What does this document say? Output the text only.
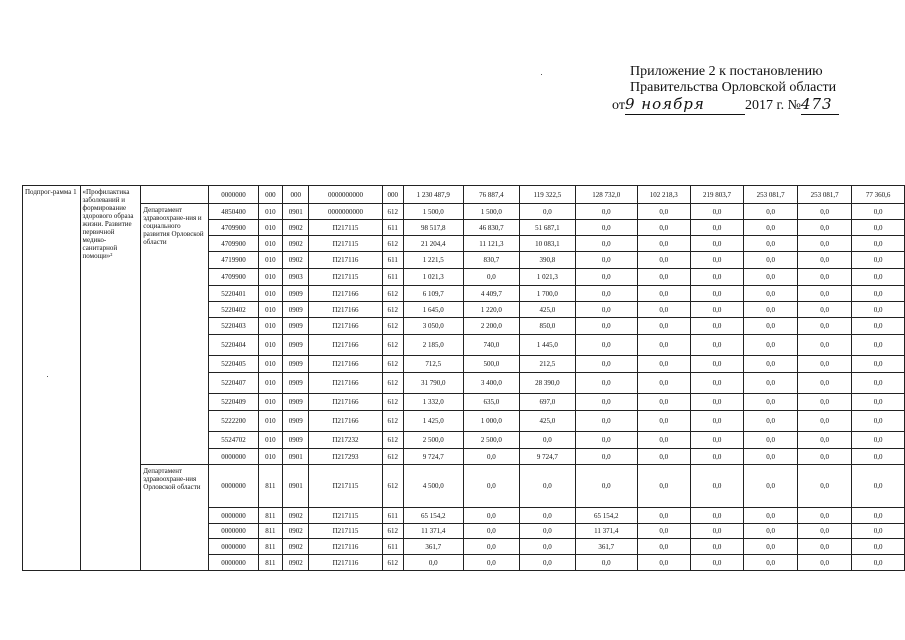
Приложение 2 к постановлению
Правительства Орловской области
от9 ноября	2017 г. №473
Подпрог-рамма 1	«Профилактика заболеваний и формирование здорового образа жизни. Развитие первичной медико-санитарной помощи»²		0000000	000	000	0000000000	000	1 230 487,9	76 887,4	119 322,5	128 732,0	102 218,3	219 803,7	253 081,7	253 081,7	77 360,6
		Департамент здравоохране-ния и социального развития Орловской области	4850400	010	0901	0000000000	612	1 500,0	1 500,0	0,0	0,0	0,0	0,0	0,0	0,0	0,0
			4709900	010	0902	П217115	611	98 517,8	46 830,7	51 687,1	0,0	0,0	0,0	0,0	0,0	0,0
			4709900	010	0902	П217115	612	21 204,4	11 121,3	10 083,1	0,0	0,0	0,0	0,0	0,0	0,0
			4719900	010	0902	П217116	611	1 221,5	830,7	390,8	0,0	0,0	0,0	0,0	0,0	0,0
			4709900	010	0903	П217115	611	1 021,3	0,0	1 021,3	0,0	0,0	0,0	0,0	0,0	0,0
			5220401	010	0909	П217166	612	6 109,7	4 409,7	1 700,0	0,0	0,0	0,0	0,0	0,0	0,0
			5220402	010	0909	П217166	612	1 645,0	1 220,0	425,0	0,0	0,0	0,0	0,0	0,0	0,0
			5220403	010	0909	П217166	612	3 050,0	2 200,0	850,0	0,0	0,0	0,0	0,0	0,0	0,0
			5220404	010	0909	П217166	612	2 185,0	740,0	1 445,0	0,0	0,0	0,0	0,0	0,0	0,0
			5220405	010	0909	П217166	612	712,5	500,0	212,5	0,0	0,0	0,0	0,0	0,0	0,0
			5220407	010	0909	П217166	612	31 790,0	3 400,0	28 390,0	0,0	0,0	0,0	0,0	0,0	0,0
			5220409	010	0909	П217166	612	1 332,0	635,0	697,0	0,0	0,0	0,0	0,0	0,0	0,0
			5222200	010	0909	П217166	612	1 425,0	1 000,0	425,0	0,0	0,0	0,0	0,0	0,0	0,0
			5524702	010	0909	П217232	612	2 500,0	2 500,0	0,0	0,0	0,0	0,0	0,0	0,0	0,0
			0000000	010	0901	П217293	612	9 724,7	0,0	9 724,7	0,0	0,0	0,0	0,0	0,0	0,0
		Департамент здравоохране-ния Орловской области	0000000	811	0901	П217115	612	4 500,0	0,0	0,0	0,0	0,0	0,0	0,0	0,0	0,0
			0000000	811	0902	П217115	611	65 154,2	0,0	0,0	65 154,2	0,0	0,0	0,0	0,0	0,0
			0000000	811	0902	П217115	612	11 371,4	0,0	0,0	11 371,4	0,0	0,0	0,0	0,0	0,0
			0000000	811	0902	П217116	611	361,7	0,0	0,0	361,7	0,0	0,0	0,0	0,0	0,0
			0000000	811	0902	П217116	612	0,0	0,0	0,0	0,0	0,0	0,0	0,0	0,0	0,0
